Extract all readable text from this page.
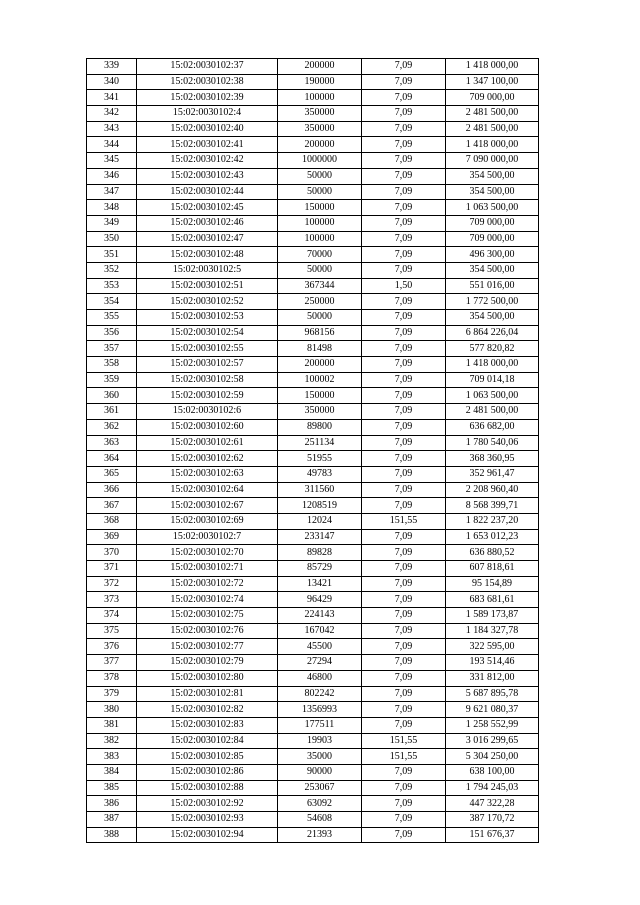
339	15:02:0030102:37	200000	7,09	1 418 000,00
340	15:02:0030102:38	190000	7,09	1 347 100,00
341	15:02:0030102:39	100000	7,09	709 000,00
342	15:02:0030102:4	350000	7,09	2 481 500,00
343	15:02:0030102:40	350000	7,09	2 481 500,00
344	15:02:0030102:41	200000	7,09	1 418 000,00
345	15:02:0030102:42	1000000	7,09	7 090 000,00
346	15:02:0030102:43	50000	7,09	354 500,00
347	15:02:0030102:44	50000	7,09	354 500,00
348	15:02:0030102:45	150000	7,09	1 063 500,00
349	15:02:0030102:46	100000	7,09	709 000,00
350	15:02:0030102:47	100000	7,09	709 000,00
351	15:02:0030102:48	70000	7,09	496 300,00
352	15:02:0030102:5	50000	7,09	354 500,00
353	15:02:0030102:51	367344	1,50	551 016,00
354	15:02:0030102:52	250000	7,09	1 772 500,00
355	15:02:0030102:53	50000	7,09	354 500,00
356	15:02:0030102:54	968156	7,09	6 864 226,04
357	15:02:0030102:55	81498	7,09	577 820,82
358	15:02:0030102:57	200000	7,09	1 418 000,00
359	15:02:0030102:58	100002	7,09	709 014,18
360	15:02:0030102:59	150000	7,09	1 063 500,00
361	15:02:0030102:6	350000	7,09	2 481 500,00
362	15:02:0030102:60	89800	7,09	636 682,00
363	15:02:0030102:61	251134	7,09	1 780 540,06
364	15:02:0030102:62	51955	7,09	368 360,95
365	15:02:0030102:63	49783	7,09	352 961,47
366	15:02:0030102:64	311560	7,09	2 208 960,40
367	15:02:0030102:67	1208519	7,09	8 568 399,71
368	15:02:0030102:69	12024	151,55	1 822 237,20
369	15:02:0030102:7	233147	7,09	1 653 012,23
370	15:02:0030102:70	89828	7,09	636 880,52
371	15:02:0030102:71	85729	7,09	607 818,61
372	15:02:0030102:72	13421	7,09	95 154,89
373	15:02:0030102:74	96429	7,09	683 681,61
374	15:02:0030102:75	224143	7,09	1 589 173,87
375	15:02:0030102:76	167042	7,09	1 184 327,78
376	15:02:0030102:77	45500	7,09	322 595,00
377	15:02:0030102:79	27294	7,09	193 514,46
378	15:02:0030102:80	46800	7,09	331 812,00
379	15:02:0030102:81	802242	7,09	5 687 895,78
380	15:02:0030102:82	1356993	7,09	9 621 080,37
381	15:02:0030102:83	177511	7,09	1 258 552,99
382	15:02:0030102:84	19903	151,55	3 016 299,65
383	15:02:0030102:85	35000	151,55	5 304 250,00
384	15:02:0030102:86	90000	7,09	638 100,00
385	15:02:0030102:88	253067	7,09	1 794 245,03
386	15:02:0030102:92	63092	7,09	447 322,28
387	15:02:0030102:93	54608	7,09	387 170,72
388	15:02:0030102:94	21393	7,09	151 676,37
